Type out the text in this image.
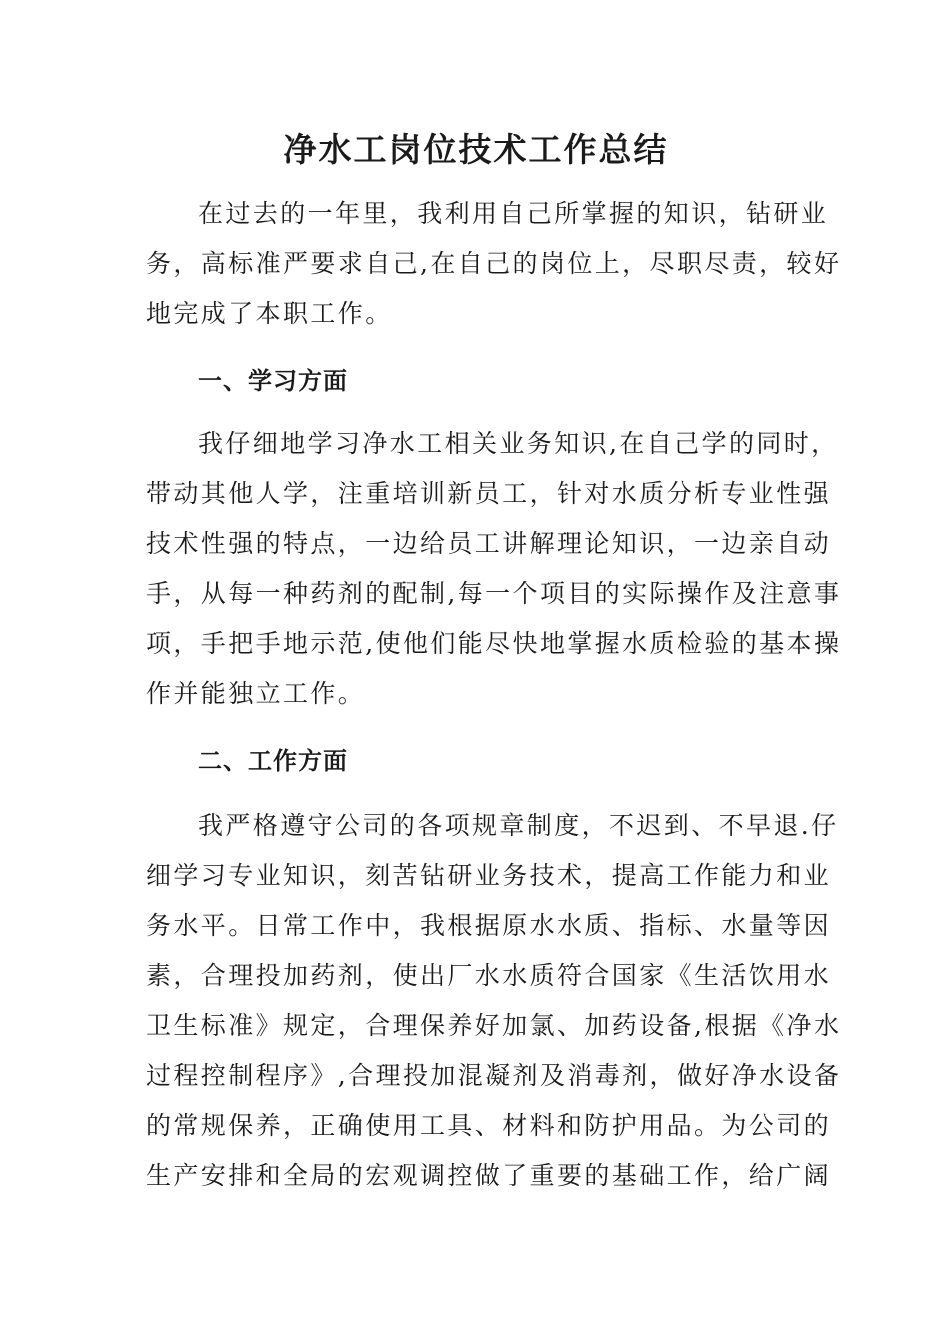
净水工岗位技术工作总结

在过去的一年里，我利用自己所掌握的知识，钻研业
务，高标准严要求自己,在自己的岗位上，尽职尽责，较好
地完成了本职工作。

一、学习方面

我仔细地学习净水工相关业务知识,在自己学的同时，
带动其他人学，注重培训新员工，针对水质分析专业性强
技术性强的特点，一边给员工讲解理论知识，一边亲自动
手，从每一种药剂的配制,每一个项目的实际操作及注意事
项，手把手地示范,使他们能尽快地掌握水质检验的基本操
作并能独立工作。

二、工作方面

我严格遵守公司的各项规章制度，不迟到、不早退.仔
细学习专业知识，刻苦钻研业务技术，提高工作能力和业
务水平。日常工作中，我根据原水水质、指标、水量等因
素，合理投加药剂，使出厂水水质符合国家《生活饮用水
卫生标准》规定，合理保养好加氯、加药设备,根据《净水
过程控制程序》,合理投加混凝剂及消毒剂，做好净水设备
的常规保养，正确使用工具、材料和防护用品。为公司的
生产安排和全局的宏观调控做了重要的基础工作，给广阔
